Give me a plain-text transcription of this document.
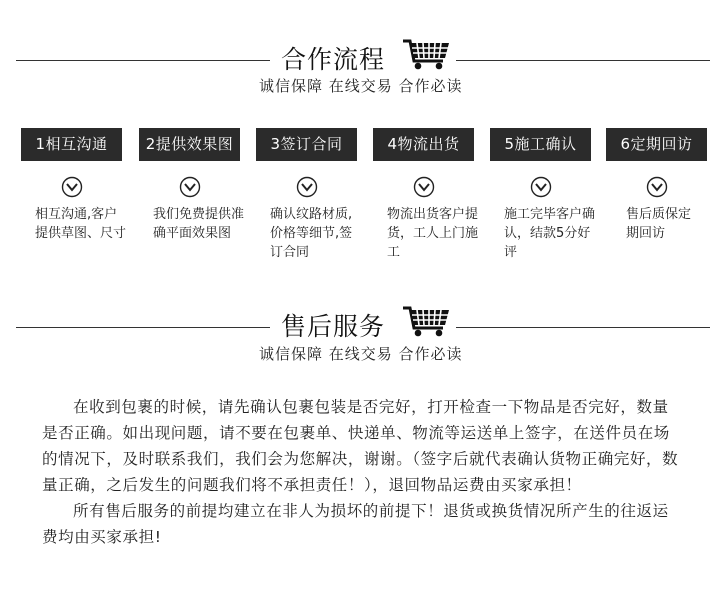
合作流程
诚信保障 在线交易 合作必读
1相互沟通
相互沟通,客户提供草图、尺寸
2提供效果图
我们免费提供准确平面效果图
3签订合同
确认纹路材质,价格等细节,签订合同
4物流出货
物流出货客户提货，工人上门施工
5施工确认
施工完毕客户确认，结款5分好评
6定期回访
售后质保定期回访
售后服务
诚信保障 在线交易 合作必读

在收到包裹的时候，请先确认包裹包装是否完好，打开检查一下物品是否完好，数量是否正确。如出现问题，请不要在包裹单、快递单、物流等运送单上签字，在送件员在场的情况下，及时联系我们，我们会为您解决，谢谢。（签字后就代表确认货物正确完好，数量正确，之后发生的问题我们将不承担责任！），退回物品运费由买家承担！

所有售后服务的前提均建立在非人为损坏的前提下！退货或换货情况所产生的往返运费均由买家承担!
